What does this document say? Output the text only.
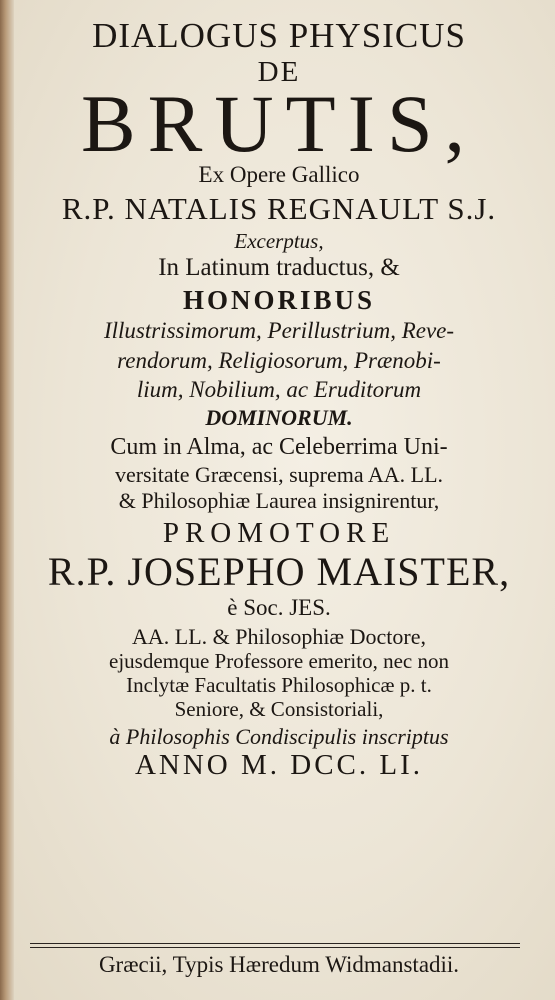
DIALOGUS PHYSICUS
DE
BRUTIS,
Ex Opere Gallico
R.P. NATALIS REGNAULT S.J.
Excerptus,
In Latinum traductus, &
HONORIBUS
Illustrissimorum, Perillustrium, Reve-
rendorum, Religiosorum, Prænobi-
lium, Nobilium, ac Eruditorum
DOMINORUM.
Cum in Alma, ac Celeberrima Uni-
versitate Græcensi, suprema AA. LL.
& Philosophiæ Laurea insignirentur,
PROMOTORE
R.P. JOSEPHO MAISTER,
è Soc. JES.
AA. LL. & Philosophiæ Doctore,
ejusdemque Professore emerito, nec non
Inclytæ Facultatis Philosophicæ p. t.
Seniore, & Consistoriali,
à Philosophis Condiscipulis inscriptus
ANNO M. DCC. LI.
Græcii, Typis Hæredum Widmanstadii.
